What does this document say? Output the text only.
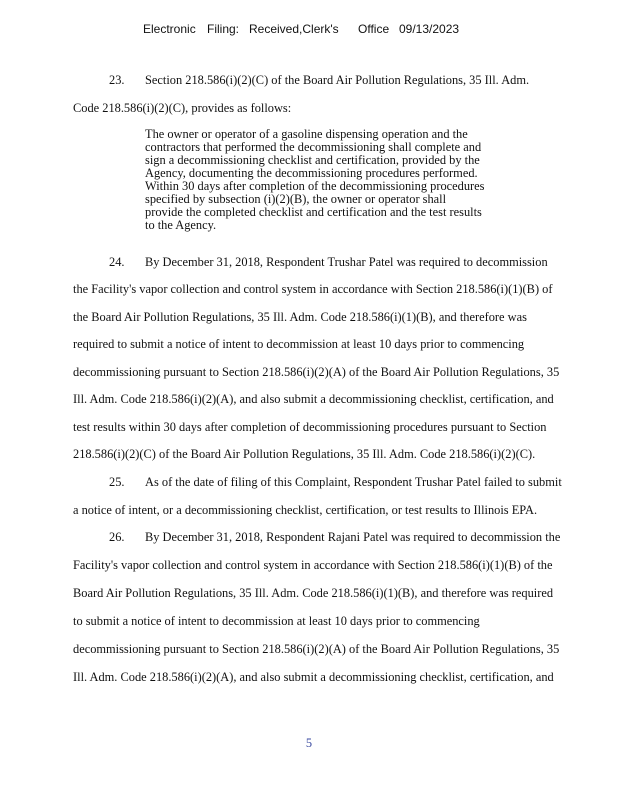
Electronic Filing: Received,Clerk's Office 09/13/2023
23. Section 218.586(i)(2)(C) of the Board Air Pollution Regulations, 35 Ill. Adm.
Code 218.586(i)(2)(C), provides as follows:
The owner or operator of a gasoline dispensing operation and the
contractors that performed the decommissioning shall complete and
sign a decommissioning checklist and certification, provided by the
Agency, documenting the decommissioning procedures performed.
Within 30 days after completion of the decommissioning procedures
specified by subsection (i)(2)(B), the owner or operator shall
provide the completed checklist and certification and the test results
to the Agency.
24. By December 31, 2018, Respondent Trushar Patel was required to decommission
the Facility's vapor collection and control system in accordance with Section 218.586(i)(1)(B) of
the Board Air Pollution Regulations, 35 Ill. Adm. Code 218.586(i)(1)(B), and therefore was
required to submit a notice of intent to decommission at least 10 days prior to commencing
decommissioning pursuant to Section 218.586(i)(2)(A) of the Board Air Pollution Regulations, 35
Ill. Adm. Code 218.586(i)(2)(A), and also submit a decommissioning checklist, certification, and
test results within 30 days after completion of decommissioning procedures pursuant to Section
218.586(i)(2)(C) of the Board Air Pollution Regulations, 35 Ill. Adm. Code 218.586(i)(2)(C).
25. As of the date of filing of this Complaint, Respondent Trushar Patel failed to submit
a notice of intent, or a decommissioning checklist, certification, or test results to Illinois EPA.
26. By December 31, 2018, Respondent Rajani Patel was required to decommission the
Facility's vapor collection and control system in accordance with Section 218.586(i)(1)(B) of the
Board Air Pollution Regulations, 35 Ill. Adm. Code 218.586(i)(1)(B), and therefore was required
to submit a notice of intent to decommission at least 10 days prior to commencing
decommissioning pursuant to Section 218.586(i)(2)(A) of the Board Air Pollution Regulations, 35
Ill. Adm. Code 218.586(i)(2)(A), and also submit a decommissioning checklist, certification, and
5
